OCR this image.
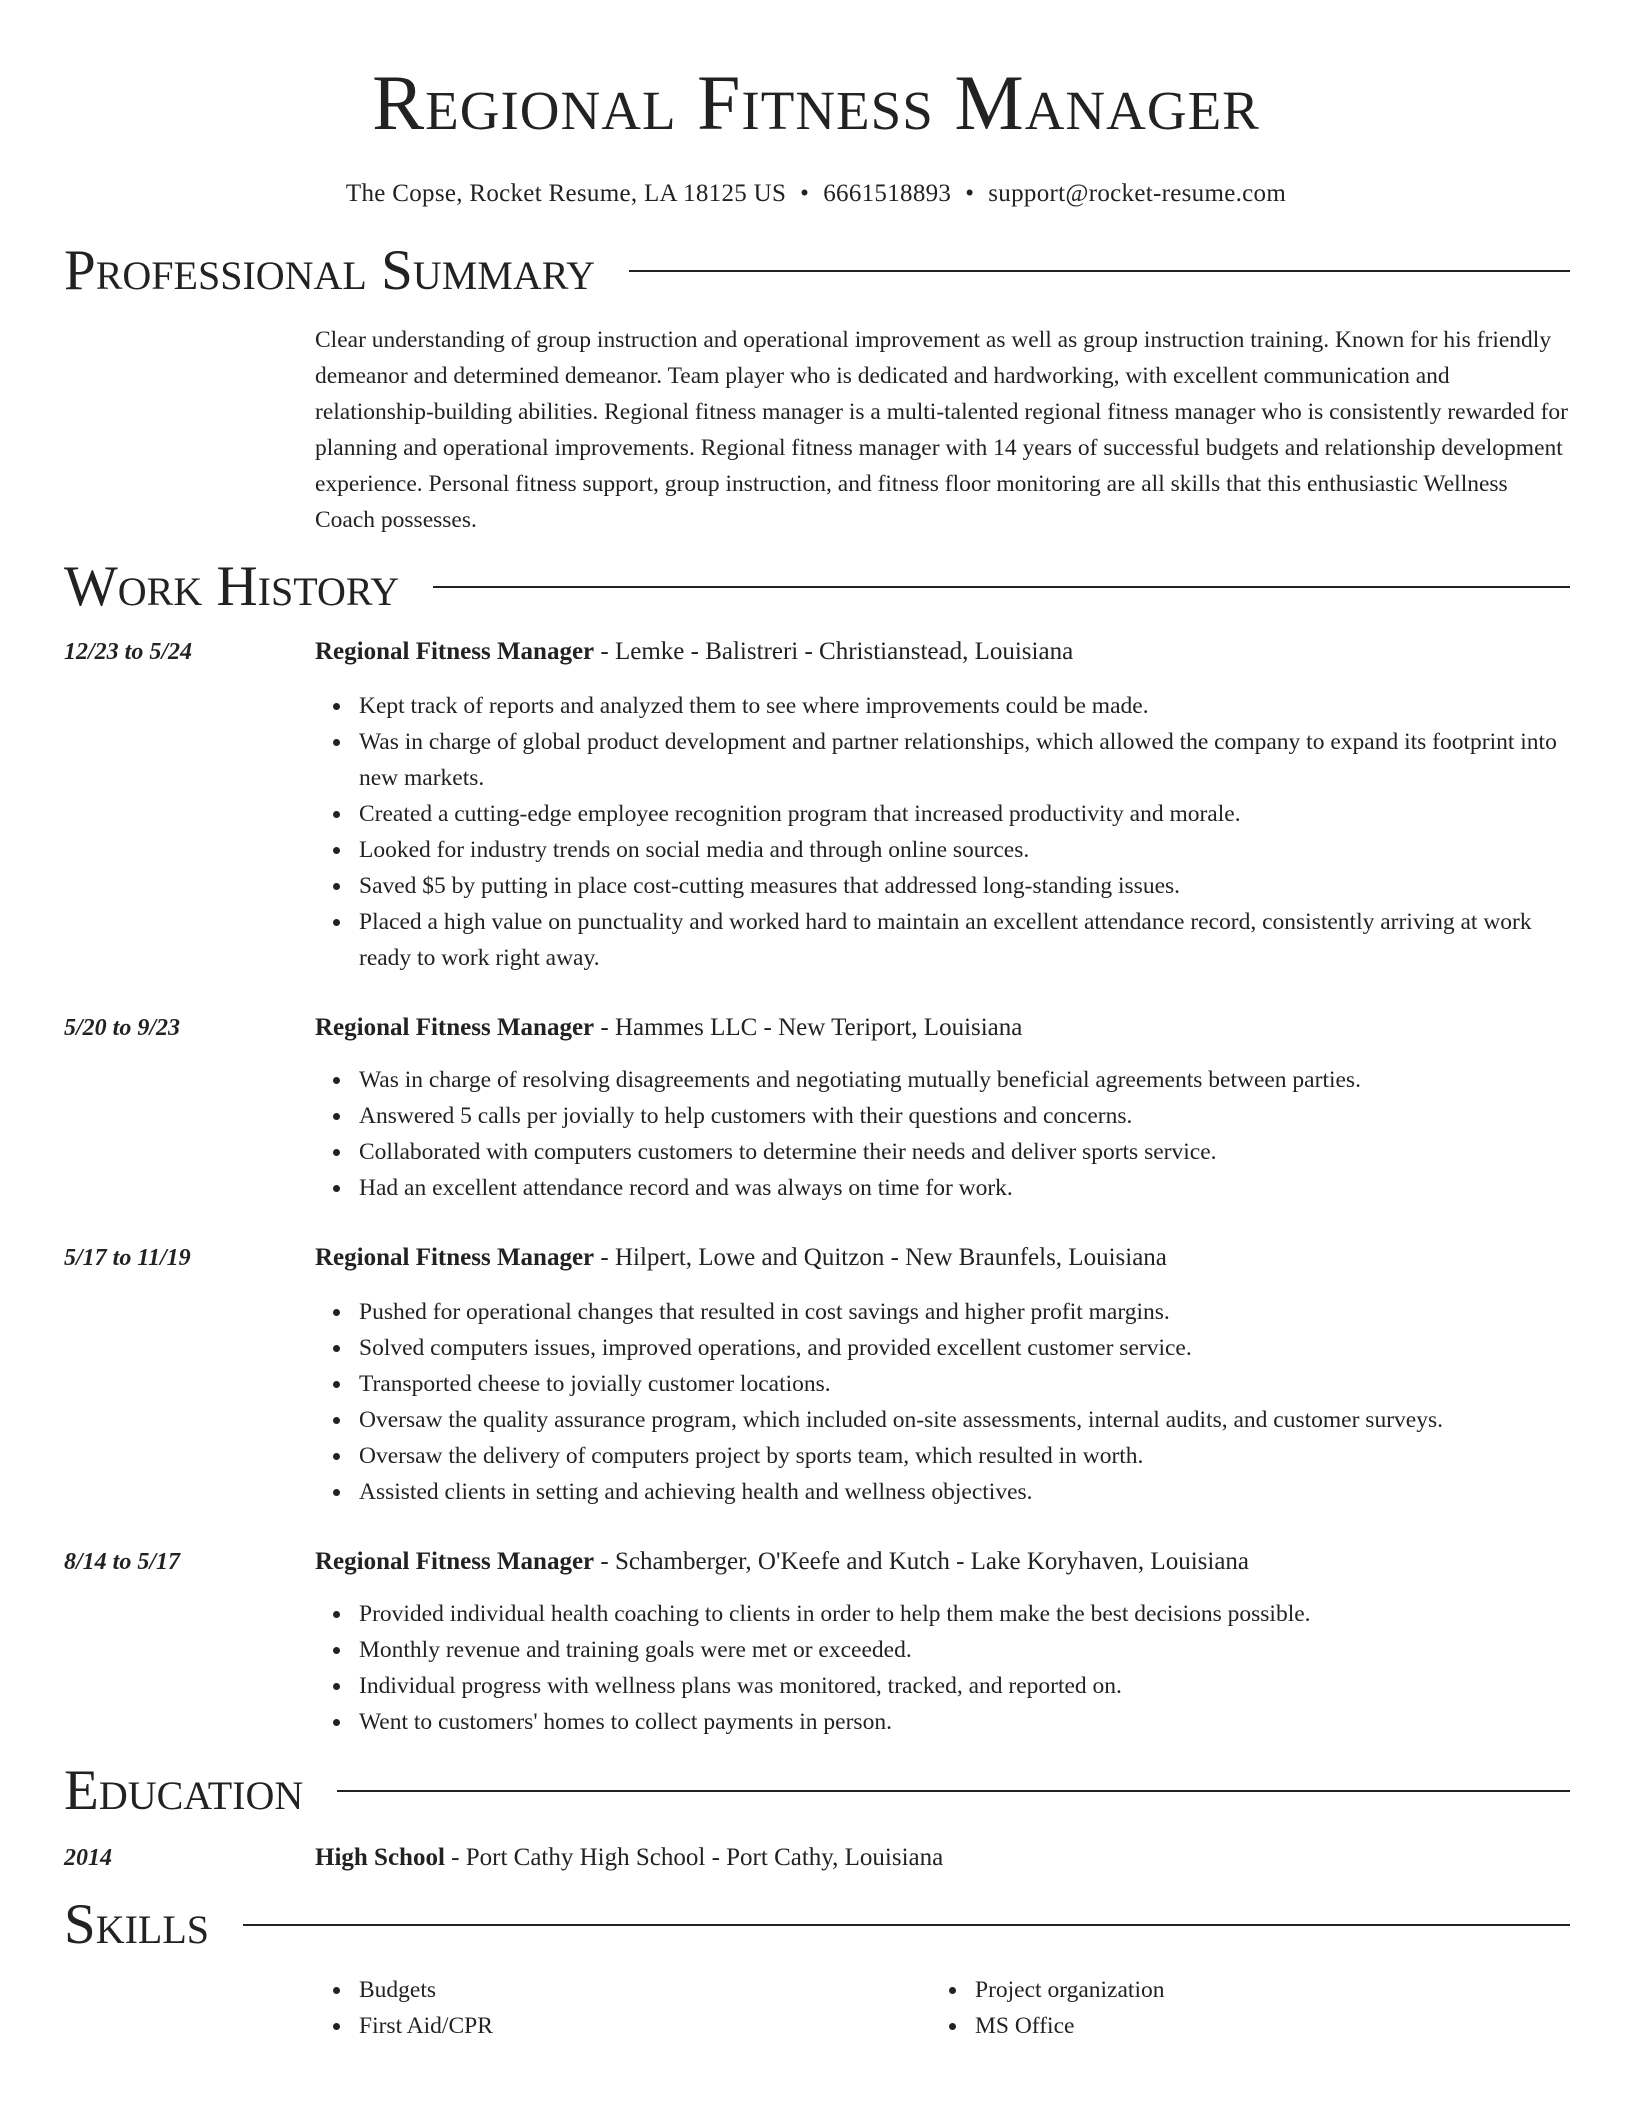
Regional Fitness Manager
The Copse, Rocket Resume, LA 18125 US • 6661518893 • support@rocket-resume.com
Professional Summary
Clear understanding of group instruction and operational improvement as well as group instruction training. Known for his friendly demeanor and determined demeanor. Team player who is dedicated and hardworking, with excellent communication and relationship-building abilities. Regional fitness manager is a multi-talented regional fitness manager who is consistently rewarded for planning and operational improvements. Regional fitness manager with 14 years of successful budgets and relationship development experience. Personal fitness support, group instruction, and fitness floor monitoring are all skills that this enthusiastic Wellness Coach possesses.
Work History
12/23 to 5/24	Regional Fitness Manager - Lemke - Balistreri - Christianstead, Louisiana
Kept track of reports and analyzed them to see where improvements could be made.
Was in charge of global product development and partner relationships, which allowed the company to expand its footprint into new markets.
Created a cutting-edge employee recognition program that increased productivity and morale.
Looked for industry trends on social media and through online sources.
Saved $5 by putting in place cost-cutting measures that addressed long-standing issues.
Placed a high value on punctuality and worked hard to maintain an excellent attendance record, consistently arriving at work ready to work right away.
5/20 to 9/23	Regional Fitness Manager - Hammes LLC - New Teriport, Louisiana
Was in charge of resolving disagreements and negotiating mutually beneficial agreements between parties.
Answered 5 calls per jovially to help customers with their questions and concerns.
Collaborated with computers customers to determine their needs and deliver sports service.
Had an excellent attendance record and was always on time for work.
5/17 to 11/19	Regional Fitness Manager - Hilpert, Lowe and Quitzon - New Braunfels, Louisiana
Pushed for operational changes that resulted in cost savings and higher profit margins.
Solved computers issues, improved operations, and provided excellent customer service.
Transported cheese to jovially customer locations.
Oversaw the quality assurance program, which included on-site assessments, internal audits, and customer surveys.
Oversaw the delivery of computers project by sports team, which resulted in worth.
Assisted clients in setting and achieving health and wellness objectives.
8/14 to 5/17	Regional Fitness Manager - Schamberger, O'Keefe and Kutch - Lake Koryhaven, Louisiana
Provided individual health coaching to clients in order to help them make the best decisions possible.
Monthly revenue and training goals were met or exceeded.
Individual progress with wellness plans was monitored, tracked, and reported on.
Went to customers' homes to collect payments in person.
Education
2014	High School - Port Cathy High School - Port Cathy, Louisiana
Skills
Budgets
First Aid/CPR
Project organization
MS Office
